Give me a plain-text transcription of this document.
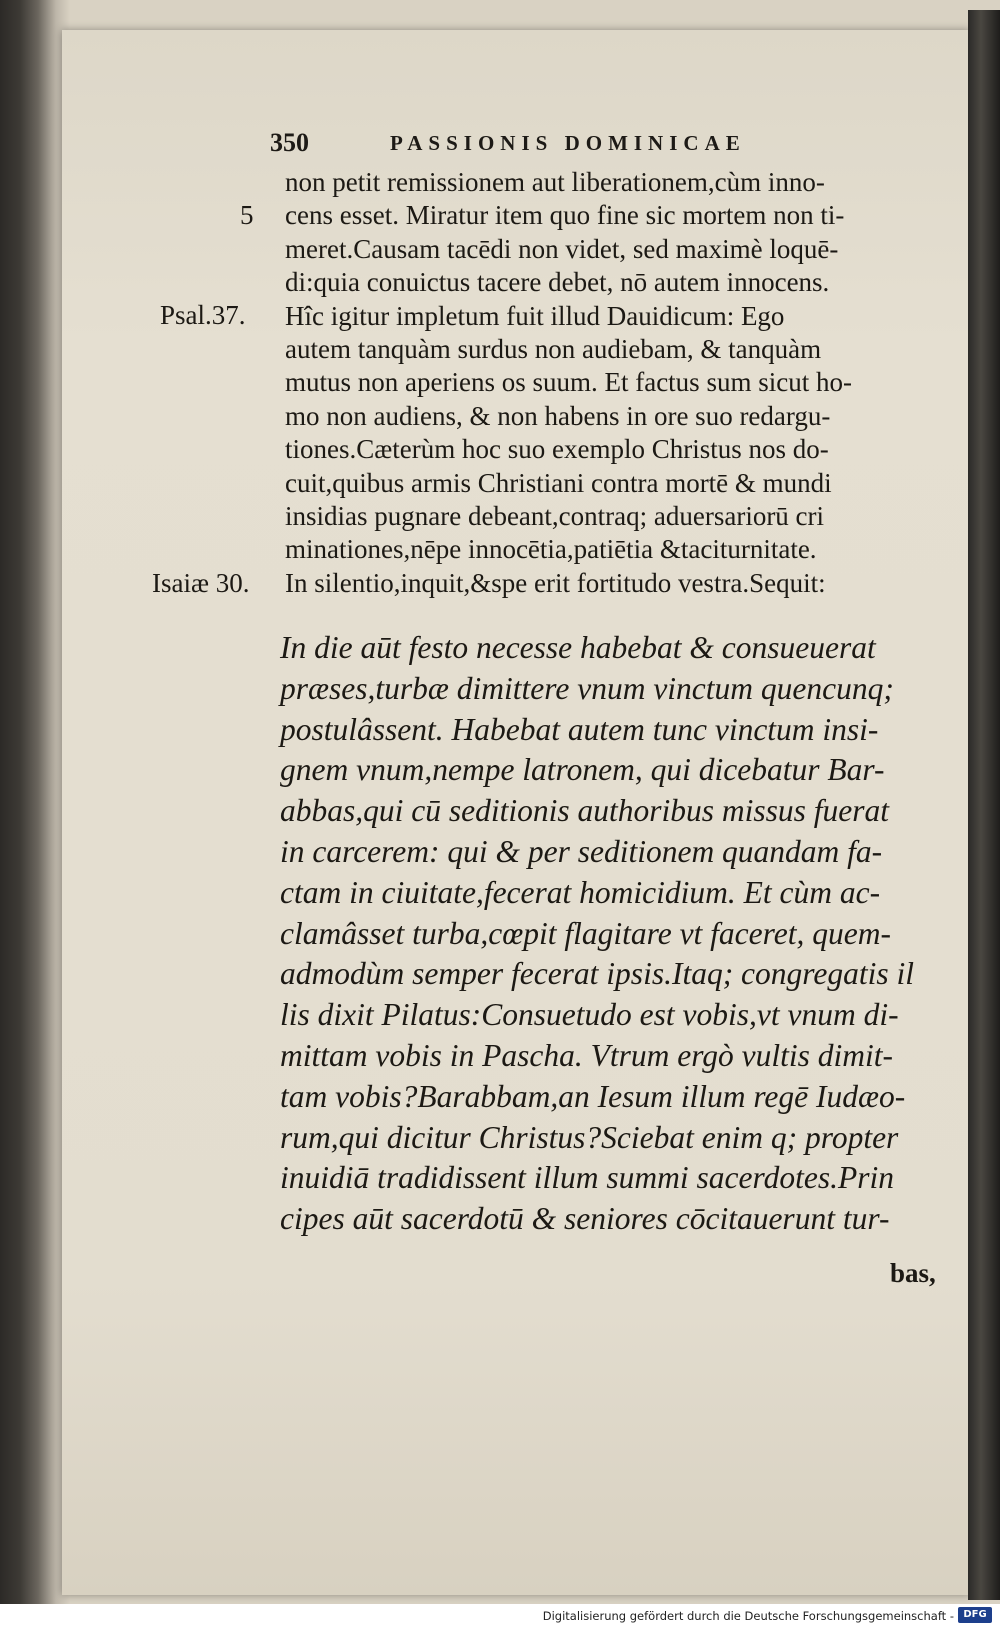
350	PASSIONIS DOMINICAE
5
Psal.37.
Isaiæ 30.
non petit remissionem aut liberationem,cùm inno-
cens esset. Miratur item quo fine sic mortem non ti-
meret.Causam tacēdi non videt, sed maximè loquē-
di:quia conuictus tacere debet, nō autem innocens.
Hîc igitur impletum fuit illud Dauidicum: Ego
autem tanquàm surdus non audiebam, & tanquàm
mutus non aperiens os suum. Et factus sum sicut ho-
mo non audiens, & non habens in ore suo redargu-
tiones.Cæterùm hoc suo exemplo Christus nos do-
cuit,quibus armis Christiani contra mortē & mundi
insidias pugnare debeant,contraq; aduersariorū cri
minationes,nēpe innocētia,patiētia &taciturnitate.
In silentio,inquit,&spe erit fortitudo vestra.Sequit:
In die aūt festo necesse habebat & consueuerat
præses,turbæ dimittere vnum vinctum quencunq;
postulâssent. Habebat autem tunc vinctum insi-
gnem vnum,nempe latronem, qui dicebatur Bar-
abbas,qui cū seditionis authoribus missus fuerat
in carcerem: qui & per seditionem quandam fa-
ctam in ciuitate,fecerat homicidium. Et cùm ac-
clamâsset turba,cœpit flagitare vt faceret, quem-
admodùm semper fecerat ipsis.Itaq; congregatis il
lis dixit Pilatus:Consuetudo est vobis,vt vnum di-
mittam vobis in Pascha. Vtrum ergò vultis dimit-
tam vobis?Barabbam,an Iesum illum regē Iudæo-
rum,qui dicitur Christus?Sciebat enim q; propter
inuidiā tradidissent illum summi sacerdotes.Prin
cipes aūt sacerdotū & seniores cōcitauerunt tur-
bas,
Digitalisierung gefördert durch die Deutsche Forschungsgemeinschaft - DFG
